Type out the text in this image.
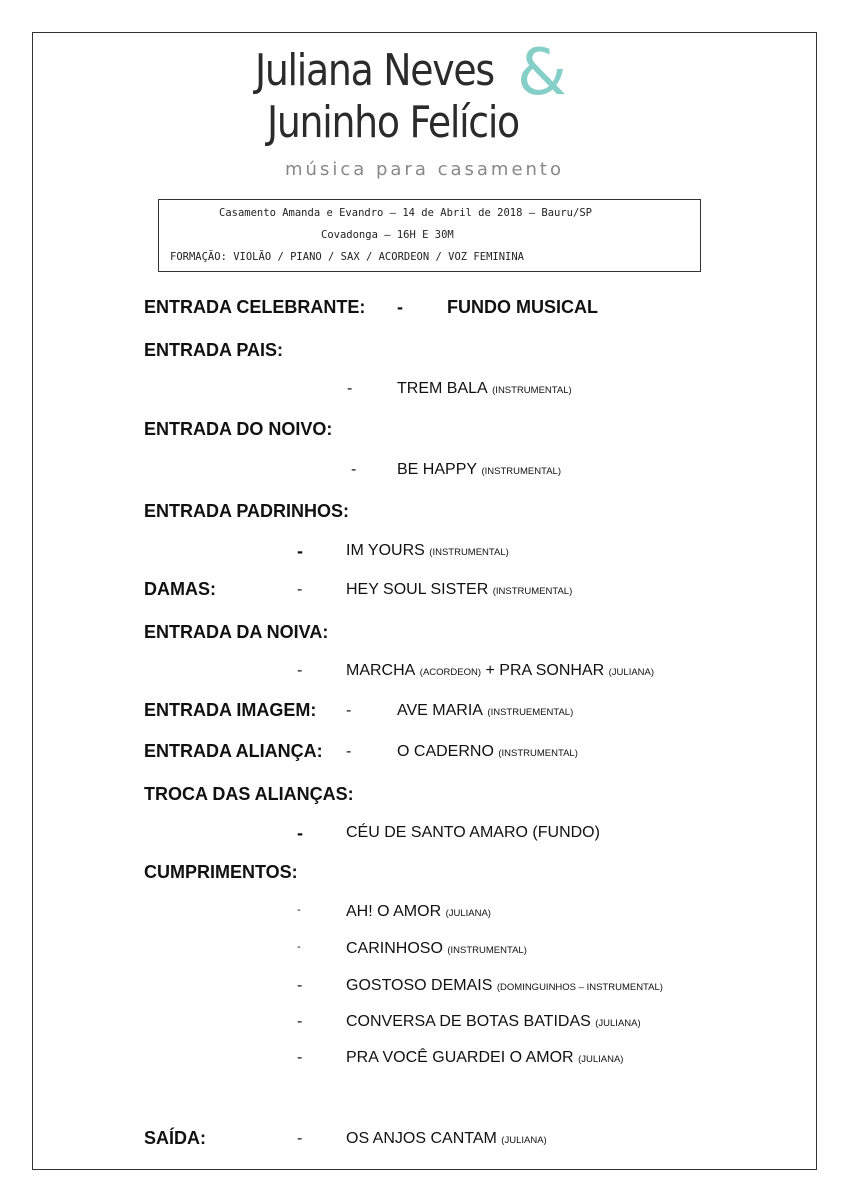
Juliana Neves &
Juninho Felício
música para casamento
Casamento Amanda e Evandro – 14 de Abril de 2018 – Bauru/SP
Covadonga – 16H E 30M
FORMAÇÃO: VIOLÃO / PIANO / SAX / ACORDEON / VOZ FEMININA
ENTRADA CELEBRANTE: - FUNDO MUSICAL
ENTRADA PAIS:
-	TREM BALA (INSTRUMENTAL)
ENTRADA DO NOIVO:
-	BE HAPPY (INSTRUMENTAL)
ENTRADA PADRINHOS:
-	IM YOURS (INSTRUMENTAL)
DAMAS:	-	HEY SOUL SISTER (INSTRUMENTAL)
ENTRADA DA NOIVA:
-	MARCHA (ACORDEON) + PRA SONHAR (JULIANA)
ENTRADA IMAGEM: -	AVE MARIA (INSTRUEMENTAL)
ENTRADA ALIANÇA: -	O CADERNO (INSTRUMENTAL)
TROCA DAS ALIANÇAS:
-	CÉU DE SANTO AMARO (FUNDO)
CUMPRIMENTOS:
-	AH! O AMOR (JULIANA)
-	CARINHOSO (INSTRUMENTAL)
-	GOSTOSO DEMAIS (DOMINGUINHOS – INSTRUMENTAL)
-	CONVERSA DE BOTAS BATIDAS (JULIANA)
-	PRA VOCÊ GUARDEI O AMOR (JULIANA)
SAÍDA:	-	OS ANJOS CANTAM (JULIANA)
